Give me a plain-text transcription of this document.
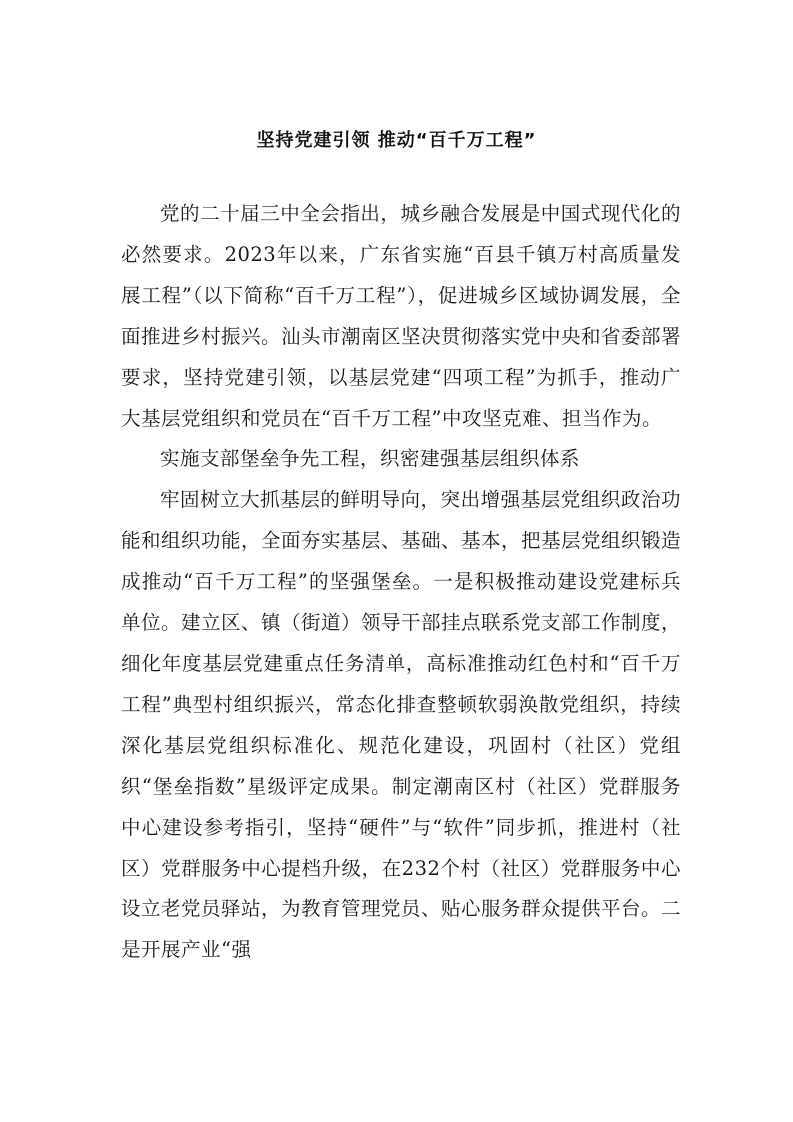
坚持党建引领 推动“百千万工程”

党的二十届三中全会指出，城乡融合发展是中国式现代化的必然要求。2023年以来，广东省实施“百县千镇万村高质量发展工程”（以下简称“百千万工程”），促进城乡区域协调发展，全面推进乡村振兴。汕头市潮南区坚决贯彻落实党中央和省委部署要求，坚持党建引领，以基层党建“四项工程”为抓手，推动广大基层党组织和党员在“百千万工程”中攻坚克难、担当作为。

实施支部堡垒争先工程，织密建强基层组织体系

牢固树立大抓基层的鲜明导向，突出增强基层党组织政治功能和组织功能，全面夯实基层、基础、基本，把基层党组织锻造成推动“百千万工程”的坚强堡垒。一是积极推动建设党建标兵单位。建立区、镇（街道）领导干部挂点联系党支部工作制度，细化年度基层党建重点任务清单，高标准推动红色村和“百千万工程”典型村组织振兴，常态化排查整顿软弱涣散党组织，持续深化基层党组织标准化、规范化建设，巩固村（社区）党组织“堡垒指数”星级评定成果。制定潮南区村（社区）党群服务中心建设参考指引，坚持“硬件”与“软件”同步抓，推进村（社区）党群服务中心提档升级，在232个村（社区）党群服务中心设立老党员驿站，为教育管理党员、贴心服务群众提供平台。二是开展产业“强
